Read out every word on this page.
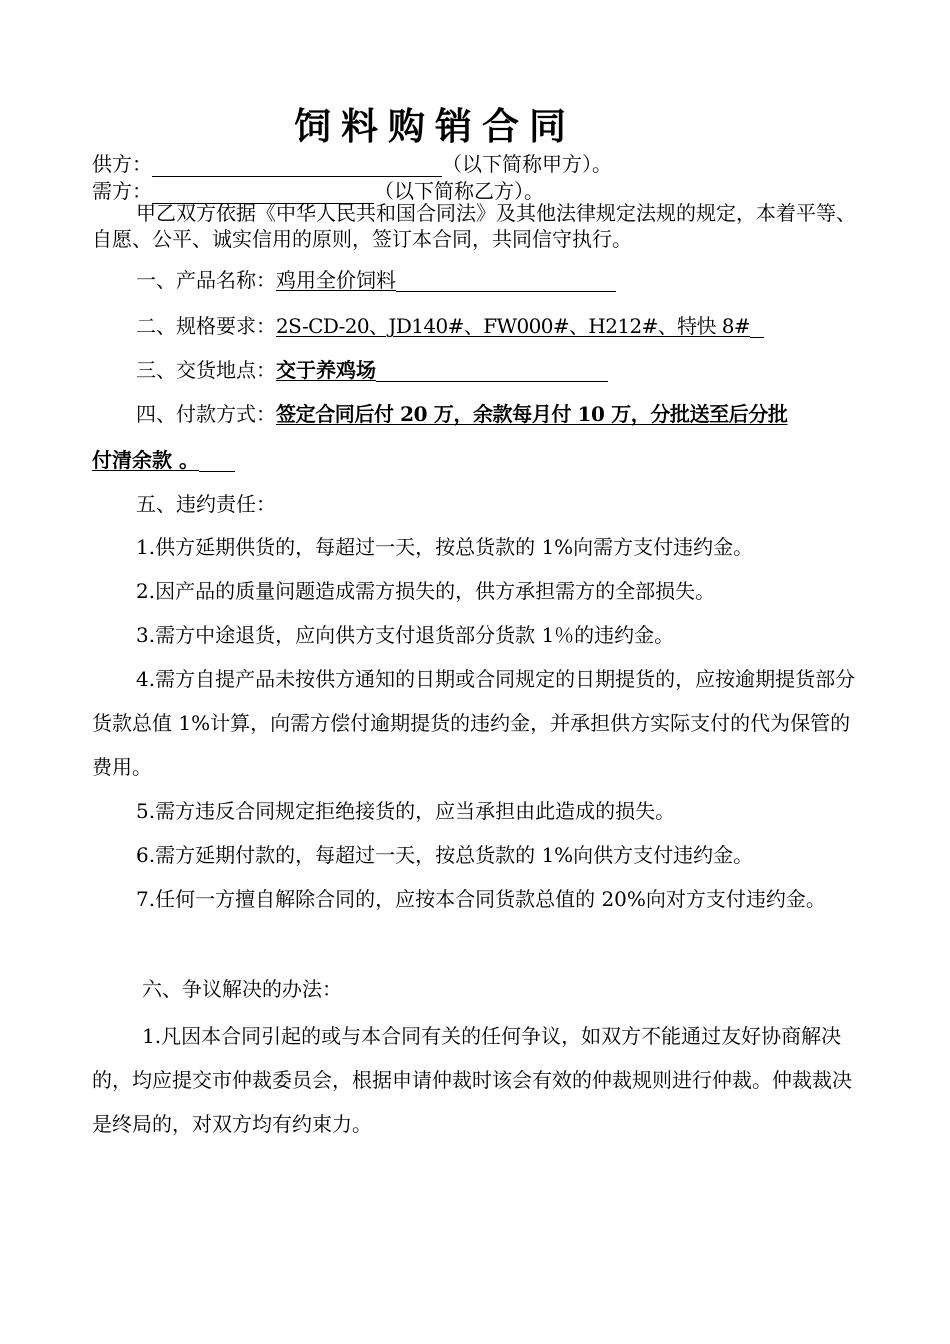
饲料购销合同
供方：	（以下简称甲方）。
需方：	（以下简称乙方）。
甲乙双方依据《中华人民共和国合同法》及其他法律规定法规的规定，本着平等、自愿、公平、诚实信用的原则，签订本合同，共同信守执行。
一、产品名称：鸡用全价饲料
二、规格要求：2S-CD-20、JD140#、FW000#、H212#、特快 8#
三、交货地点：交于养鸡场
四、付款方式：签定合同后付 20 万，余款每月付 10 万，分批送至后分批
付清余款 。
五、违约责任：
1.供方延期供货的，每超过一天，按总货款的 1%向需方支付违约金。
2.因产品的质量问题造成需方损失的，供方承担需方的全部损失。
3.需方中途退货，应向供方支付退货部分货款 1％的违约金。
4.需方自提产品未按供方通知的日期或合同规定的日期提货的，应按逾期提货部分货款总值 1%计算，向需方偿付逾期提货的违约金，并承担供方实际支付的代为保管的费用。
5.需方违反合同规定拒绝接货的，应当承担由此造成的损失。
6.需方延期付款的，每超过一天，按总货款的 1%向供方支付违约金。
7.任何一方擅自解除合同的，应按本合同货款总值的 20%向对方支付违约金。
六、争议解决的办法：
1.凡因本合同引起的或与本合同有关的任何争议，如双方不能通过友好协商解决的，均应提交市仲裁委员会，根据申请仲裁时该会有效的仲裁规则进行仲裁。仲裁裁决是终局的，对双方均有约束力。
